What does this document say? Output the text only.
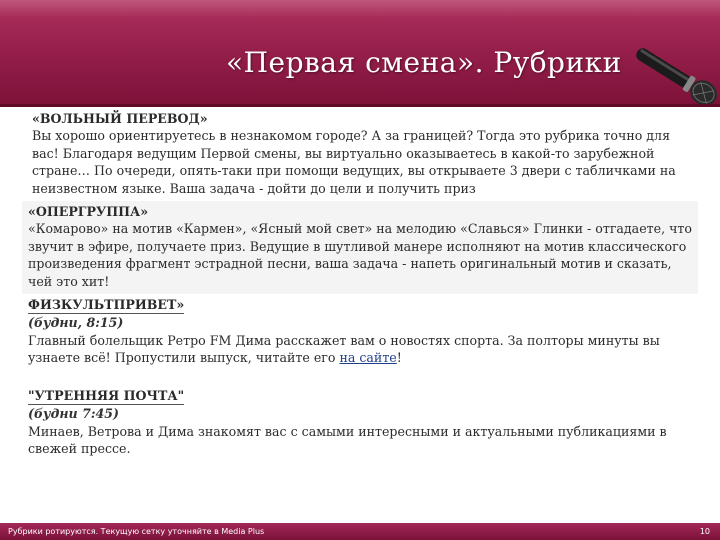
«Первая смена». Рубрики
«ВОЛЬНЫЙ ПЕРЕВОД»

Вы хорошо ориентируетесь в незнакомом городе? А за границей? Тогда это рубрика точно для вас! Благодаря ведущим Первой смены, вы виртуально оказываетесь в какой-то зарубежной стране… По очереди, опять-таки при помощи ведущих, вы открываете 3 двери с табличками на неизвестном языке. Ваша задача - дойти до цели и получить приз

«ОПЕРГРУППА»

«Комарово» на мотив «Кармен», «Ясный мой свет» на мелодию «Славься» Глинки - отгадаете, что звучит в эфире, получаете приз. Ведущие в шутливой манере исполняют на мотив классического произведения фрагмент эстрадной песни, ваша задача - напеть оригинальный мотив и сказать, чей это хит!

ФИЗКУЛЬТПРИВЕТ»
(будни, 8:15)

Главный болельщик Ретро FM Дима расскажет вам о новостях спорта. За полторы минуты вы узнаете всё! Пропустили выпуск, читайте его на сайте!

"УТРЕННЯЯ ПОЧТА"
(будни 7:45)

Минаев, Ветрова и Дима знакомят вас с самыми интересными и актуальными публикациями в свежей прессе.

Рубрики ротируются. Текущую сетку уточняйте в Media Plus	10
